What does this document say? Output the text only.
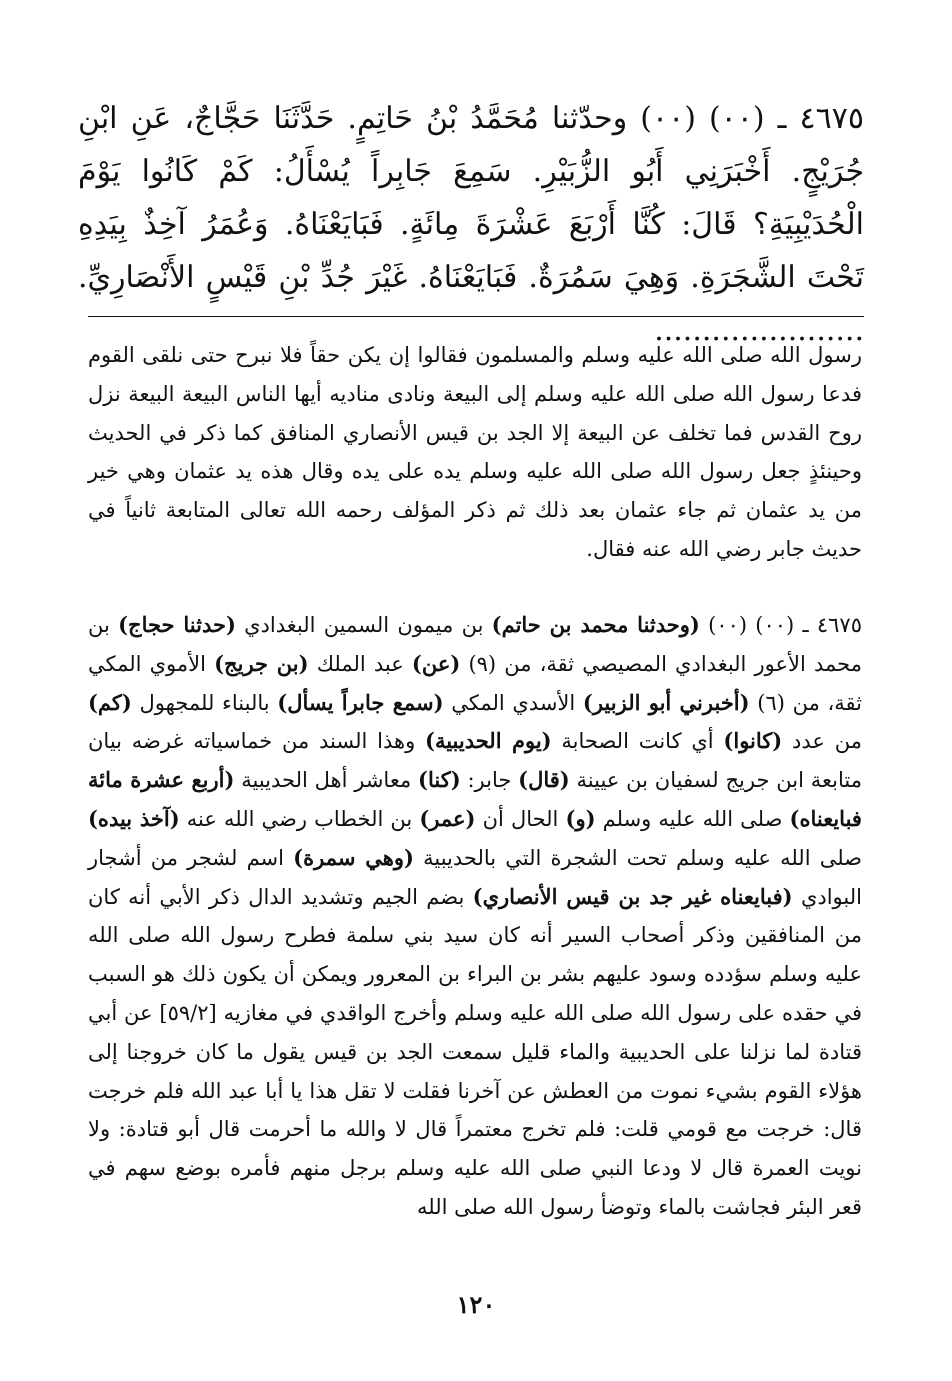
٤٦٧٥ ـ (٠٠) (٠٠) وحدّثنا مُحَمَّدُ بْنُ حَاتِمٍ. حَدَّثَنَا حَجَّاجٌ، عَنِ ابْنِ جُرَيْجٍ. أَخْبَرَنِي أَبُو الزُّبَيْرِ. سَمِعَ جَابِراً يُسْأَلُ: كَمْ كَانُوا يَوْمَ الْحُدَيْبِيَةِ؟ قَالَ: كُنَّا أَرْبَعَ عَشْرَةَ مِائَةٍ. فَبَايَعْنَاهُ. وَعُمَرُ آخِذٌ بِيَدِهِ تَحْتَ الشَّجَرَةِ. وَهِيَ سَمُرَةٌ. فَبَايَعْنَاهُ. غَيْرَ جُدِّ بْنِ قَيْسٍ الأَنْصَارِيِّ. ......................

رسول الله صلى الله عليه وسلم والمسلمون فقالوا إن يكن حقاً فلا نبرح حتى نلقى القوم فدعا رسول الله صلى الله عليه وسلم إلى البيعة ونادى مناديه أيها الناس البيعة البيعة نزل روح القدس فما تخلف عن البيعة إلا الجد بن قيس الأنصاري المنافق كما ذكر في الحديث وحينئذٍ جعل رسول الله صلى الله عليه وسلم يده على يده وقال هذه يد عثمان وهي خير من يد عثمان ثم جاء عثمان بعد ذلك ثم ذكر المؤلف رحمه الله تعالى المتابعة ثانياً في حديث جابر رضي الله عنه فقال.

٤٦٧٥ ـ (٠٠) (٠٠) (وحدثنا محمد بن حاتم) بن ميمون السمين البغدادي (حدثنا حجاج) بن محمد الأعور البغدادي المصيصي ثقة، من (٩) (عن) عبد الملك (بن جريج) الأموي المكي ثقة، من (٦) (أخبرني أبو الزبير) الأسدي المكي (سمع جابراً يسأل) بالبناء للمجهول (كم) من عدد (كانوا) أي كانت الصحابة (يوم الحديبية) وهذا السند من خماسياته غرضه بيان متابعة ابن جريج لسفيان بن عيينة (قال) جابر: (كنا) معاشر أهل الحديبية (أربع عشرة مائة فبايعناه) صلى الله عليه وسلم (و) الحال أن (عمر) بن الخطاب رضي الله عنه (آخذ بيده) صلى الله عليه وسلم تحت الشجرة التي بالحديبية (وهي سمرة) اسم لشجر من أشجار البوادي (فبايعناه غير جد بن قيس الأنصاري) بضم الجيم وتشديد الدال ذكر الأبي أنه كان من المنافقين وذكر أصحاب السير أنه كان سيد بني سلمة فطرح رسول الله صلى الله عليه وسلم سؤدده وسود عليهم بشر بن البراء بن المعرور ويمكن أن يكون ذلك هو السبب في حقده على رسول الله صلى الله عليه وسلم وأخرج الواقدي في مغازيه [٥٩/٢] عن أبي قتادة لما نزلنا على الحديبية والماء قليل سمعت الجد بن قيس يقول ما كان خروجنا إلى هؤلاء القوم بشيء نموت من العطش عن آخرنا فقلت لا تقل هذا يا أبا عبد الله فلم خرجت قال: خرجت مع قومي قلت: فلم تخرج معتمراً قال لا والله ما أحرمت قال أبو قتادة: ولا نويت العمرة قال لا ودعا النبي صلى الله عليه وسلم برجل منهم فأمره بوضع سهم في قعر البئر فجاشت بالماء وتوضأ رسول الله صلى الله

١٢٠
